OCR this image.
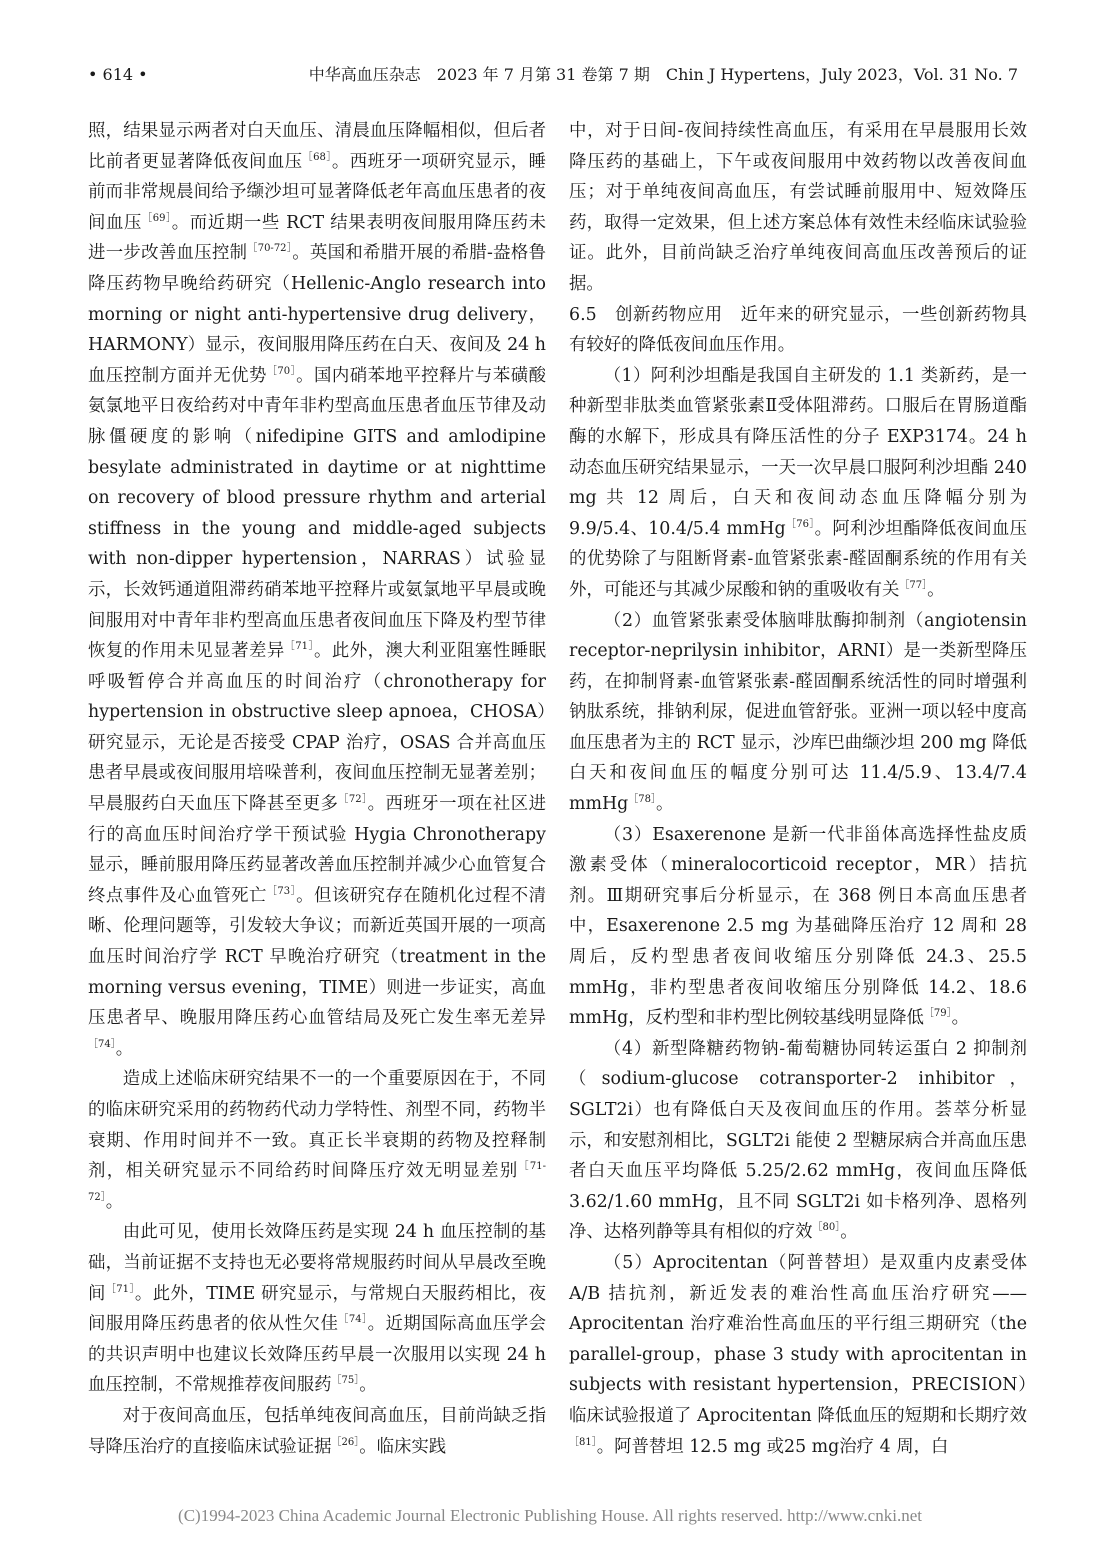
• 614 •	中华高血压杂志　2023 年 7 月第 31 卷第 7 期　Chin J Hypertens，July 2023，Vol. 31 No. 7

照，结果显示两者对白天血压、清晨血压降幅相似，但后者比前者更显著降低夜间血压$^{[68]}$。西班牙一项研究显示，睡前而非常规晨间给予缬沙坦可显著降低老年高血压患者的夜间血压$^{[69]}$。而近期一些 RCT 结果表明夜间服用降压药未进一步改善血压控制$^{[70-72]}$。英国和希腊开展的希腊-盎格鲁降压药物早晚给药研究（Hellenic-Anglo research into morning or night anti-hypertensive drug delivery，HARMONY）显示，夜间服用降压药在白天、夜间及 24 h 血压控制方面并无优势$^{[70]}$。国内硝苯地平控释片与苯磺酸氨氯地平日夜给药对中青年非杓型高血压患者血压节律及动脉僵硬度的影响（nifedipine GITS and amlodipine besylate administrated in daytime or at nighttime on recovery of blood pressure rhythm and arterial stiffness in the young and middle-aged subjects with non-dipper hypertension，NARRAS）试验显示，长效钙通道阻滞药硝苯地平控释片或氨氯地平早晨或晚间服用对中青年非杓型高血压患者夜间血压下降及杓型节律恢复的作用未见显著差异$^{[71]}$。此外，澳大利亚阻塞性睡眠呼吸暂停合并高血压的时间治疗（chronotherapy for hypertension in obstructive sleep apnoea，CHOSA）研究显示，无论是否接受 CPAP 治疗，OSAS 合并高血压患者早晨或夜间服用培哚普利，夜间血压控制无显著差别；早晨服药白天血压下降甚至更多$^{[72]}$。西班牙一项在社区进行的高血压时间治疗学干预试验 Hygia Chronotherapy 显示，睡前服用降压药显著改善血压控制并减少心血管复合终点事件及心血管死亡$^{[73]}$。但该研究存在随机化过程不清晰、伦理问题等，引发较大争议；而新近英国开展的一项高血压时间治疗学 RCT 早晚治疗研究（treatment in the morning versus evening，TIME）则进一步证实，高血压患者早、晚服用降压药心血管结局及死亡发生率无差异$^{[74]}$。

造成上述临床研究结果不一的一个重要原因在于，不同的临床研究采用的药物药代动力学特性、剂型不同，药物半衰期、作用时间并不一致。真正长半衰期的药物及控释制剂，相关研究显示不同给药时间降压疗效无明显差别$^{[71-72]}$。

由此可见，使用长效降压药是实现 24 h 血压控制的基础，当前证据不支持也无必要将常规服药时间从早晨改至晚间$^{[71]}$。此外，TIME 研究显示，与常规白天服药相比，夜间服用降压药患者的依从性欠佳$^{[74]}$。近期国际高血压学会的共识声明中也建议长效降压药早晨一次服用以实现 24 h 血压控制，不常规推荐夜间服药$^{[75]}$。

对于夜间高血压，包括单纯夜间高血压，目前尚缺乏指导降压治疗的直接临床试验证据$^{[26]}$。临床实践

中，对于日间-夜间持续性高血压，有采用在早晨服用长效降压药的基础上，下午或夜间服用中效药物以改善夜间血压；对于单纯夜间高血压，有尝试睡前服用中、短效降压药，取得一定效果，但上述方案总体有效性未经临床试验验证。此外，目前尚缺乏治疗单纯夜间高血压改善预后的证据。

6.5　创新药物应用　近年来的研究显示，一些创新药物具有较好的降低夜间血压作用。

（1）阿利沙坦酯是我国自主研发的 1.1 类新药，是一种新型非肽类血管紧张素Ⅱ受体阻滞药。口服后在胃肠道酯酶的水解下，形成具有降压活性的分子 EXP3174。24 h 动态血压研究结果显示，一天一次早晨口服阿利沙坦酯 240 mg 共 12 周后，白天和夜间动态血压降幅分别为 9.9/5.4、10.4/5.4 mmHg$^{[76]}$。阿利沙坦酯降低夜间血压的优势除了与阻断肾素-血管紧张素-醛固酮系统的作用有关外，可能还与其减少尿酸和钠的重吸收有关$^{[77]}$。

（2）血管紧张素受体脑啡肽酶抑制剂（angiotensin receptor-neprilysin inhibitor，ARNI）是一类新型降压药，在抑制肾素-血管紧张素-醛固酮系统活性的同时增强利钠肽系统，排钠利尿，促进血管舒张。亚洲一项以轻中度高血压患者为主的 RCT 显示，沙库巴曲缬沙坦 200 mg 降低白天和夜间血压的幅度分别可达 11.4/5.9、13.4/7.4 mmHg$^{[78]}$。

（3）Esaxerenone 是新一代非甾体高选择性盐皮质激素受体（mineralocorticoid receptor，MR）拮抗剂。Ⅲ期研究事后分析显示，在 368 例日本高血压患者中，Esaxerenone 2.5 mg 为基础降压治疗 12 周和 28 周后，反杓型患者夜间收缩压分别降低 24.3、25.5 mmHg，非杓型患者夜间收缩压分别降低 14.2、18.6 mmHg，反杓型和非杓型比例较基线明显降低$^{[79]}$。

（4）新型降糖药物钠-葡萄糖协同转运蛋白 2 抑制剂（sodium-glucose cotransporter-2 inhibitor，SGLT2i）也有降低白天及夜间血压的作用。荟萃分析显示，和安慰剂相比，SGLT2i 能使 2 型糖尿病合并高血压患者白天血压平均降低 5.25/2.62 mmHg，夜间血压降低 3.62/1.60 mmHg，且不同 SGLT2i 如卡格列净、恩格列净、达格列静等具有相似的疗效$^{[80]}$。

（5）Aprocitentan（阿普替坦）是双重内皮素受体 A/B 拮抗剂，新近发表的难治性高血压治疗研究——Aprocitentan 治疗难治性高血压的平行组三期研究（the parallel-group，phase 3 study with aprocitentan in subjects with resistant hypertension，PRECISION）临床试验报道了 Aprocitentan 降低血压的短期和长期疗效$^{[81]}$。阿普替坦 12.5 mg 或25 mg治疗 4 周，白

(C)1994-2023 China Academic Journal Electronic Publishing House. All rights reserved. http://www.cnki.net
